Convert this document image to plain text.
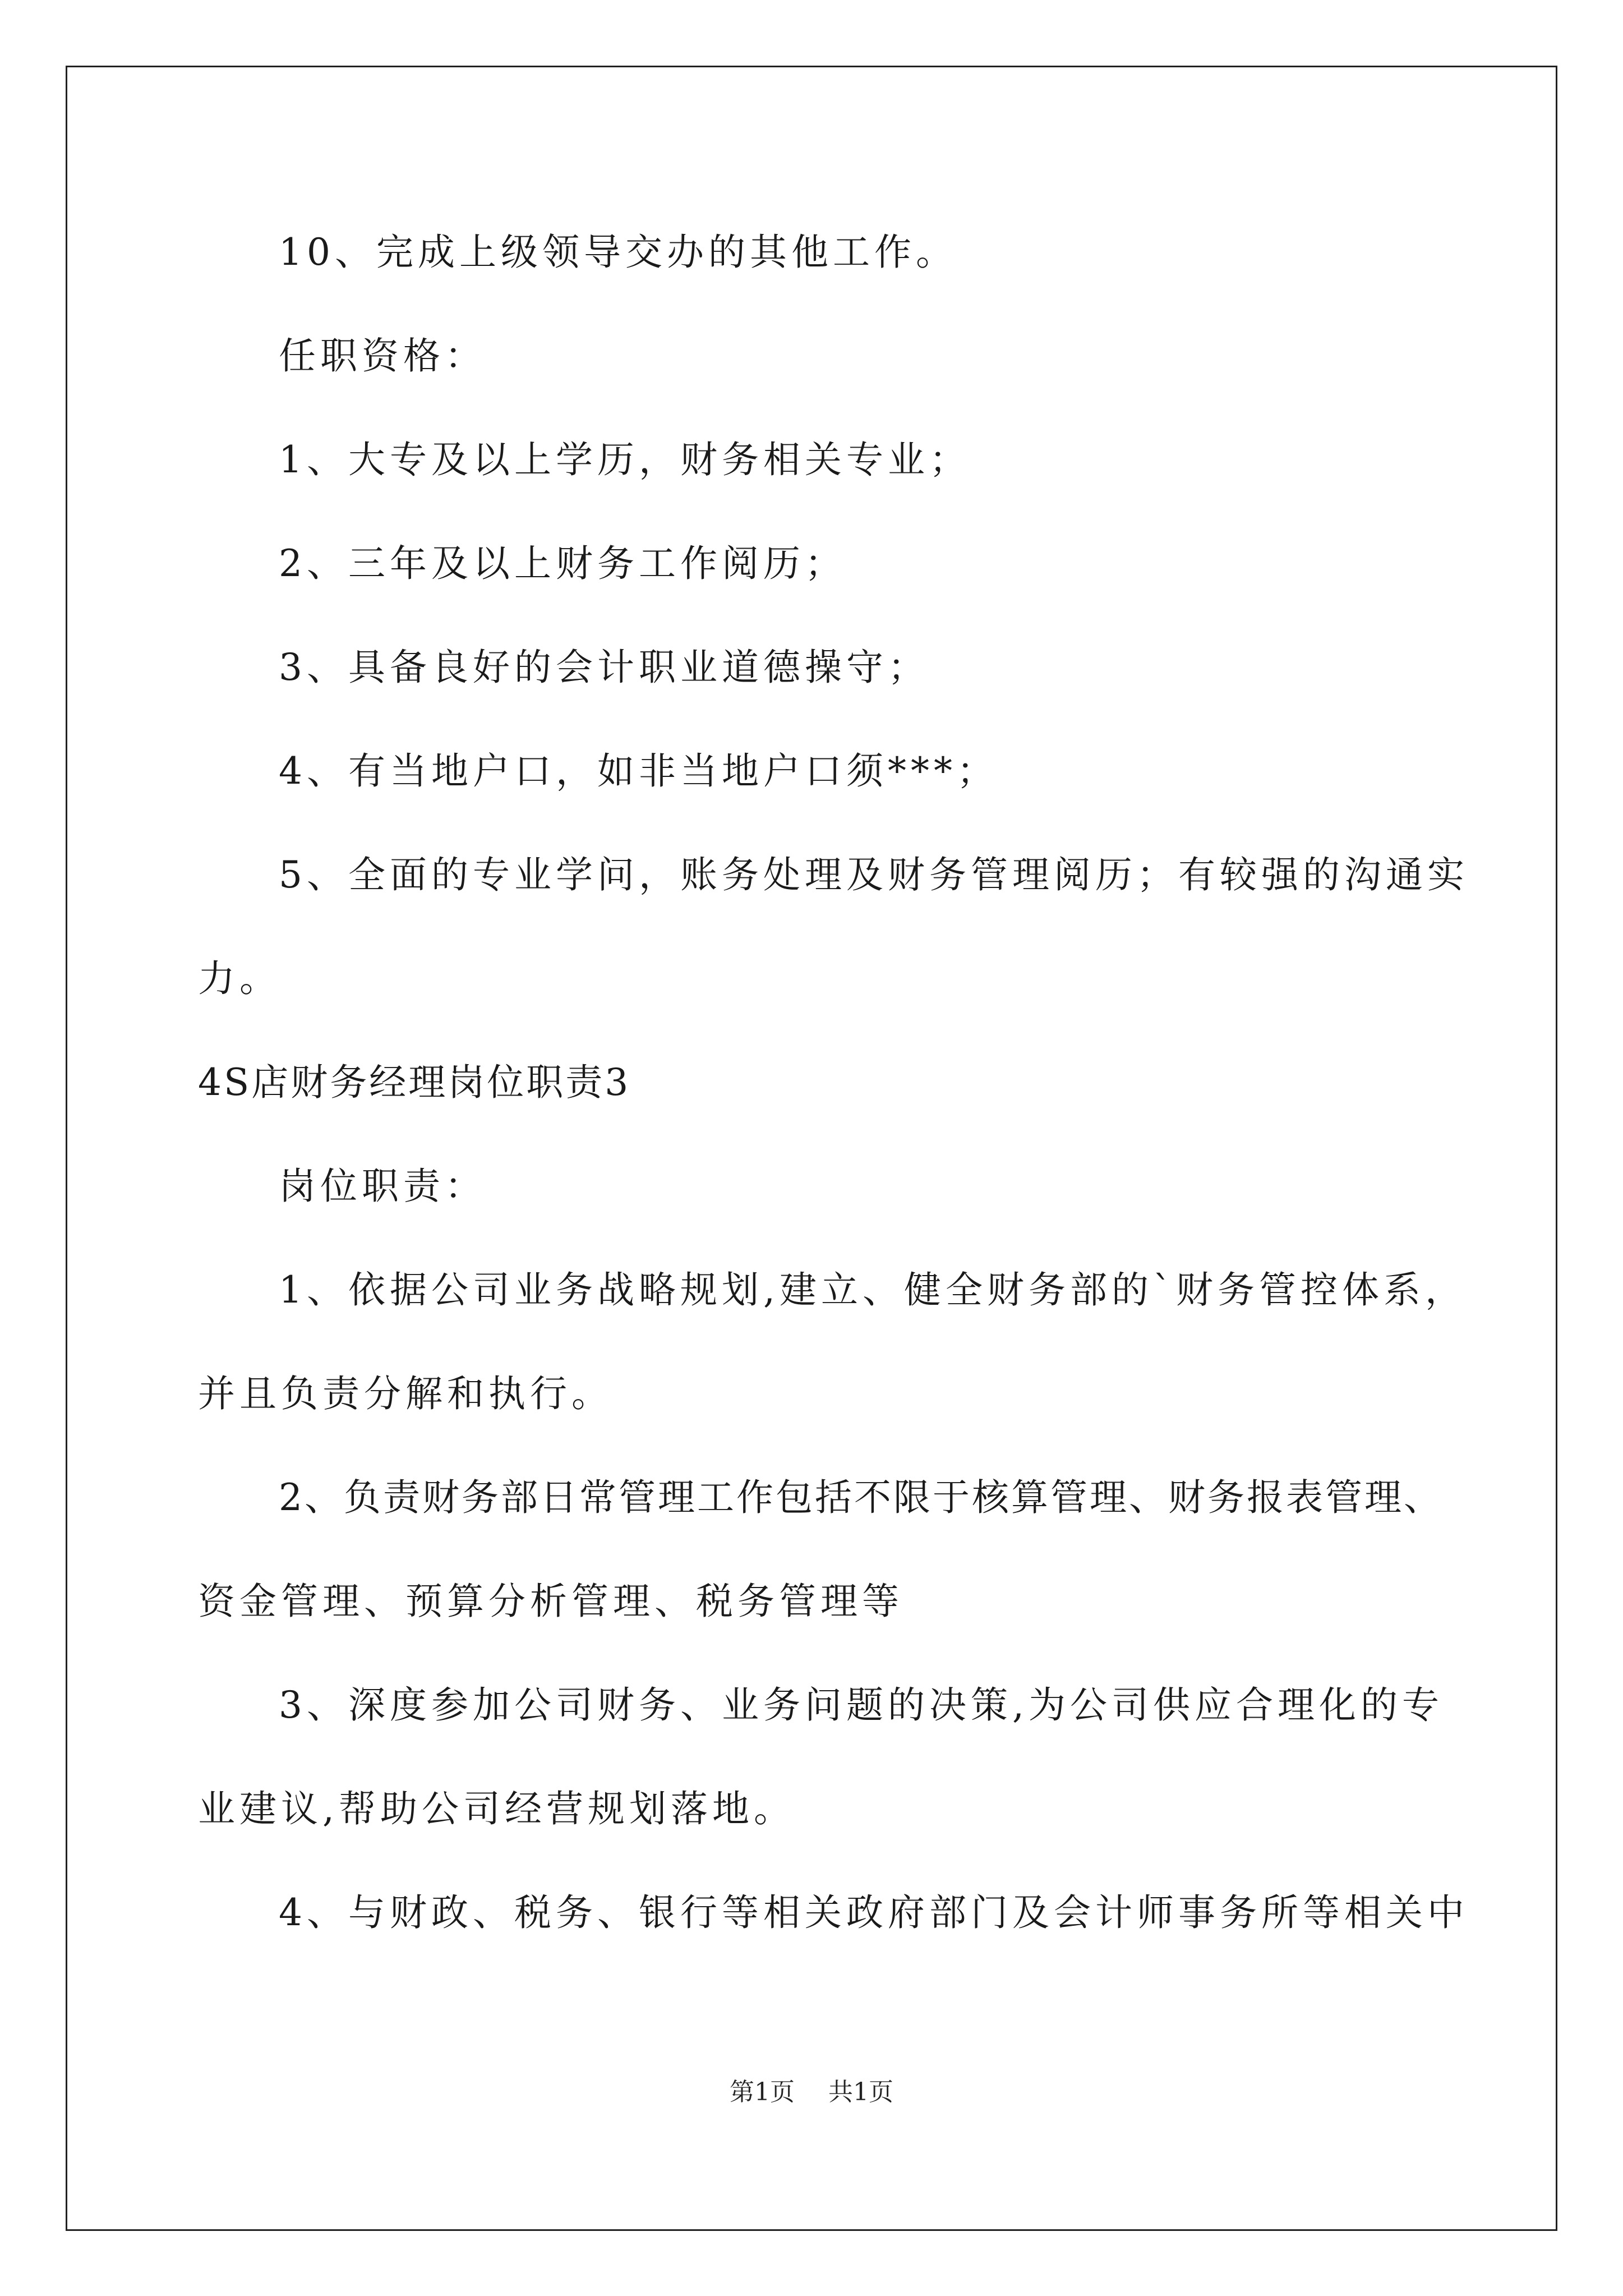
10、完成上级领导交办的其他工作。
任职资格：
1、大专及以上学历，财务相关专业；
2、三年及以上财务工作阅历；
3、具备良好的会计职业道德操守；
4、有当地户口，如非当地户口须***；
5、全面的专业学问，账务处理及财务管理阅历；有较强的沟通实
力。
4S店财务经理岗位职责3
岗位职责：
1、依据公司业务战略规划,建立、健全财务部的`财务管控体系，
并且负责分解和执行。
2、负责财务部日常管理工作包括不限于核算管理、财务报表管理、
资金管理、预算分析管理、税务管理等
3、深度参加公司财务、业务问题的决策,为公司供应合理化的专
业建议,帮助公司经营规划落地。
4、与财政、税务、银行等相关政府部门及会计师事务所等相关中
第1页 共1页
